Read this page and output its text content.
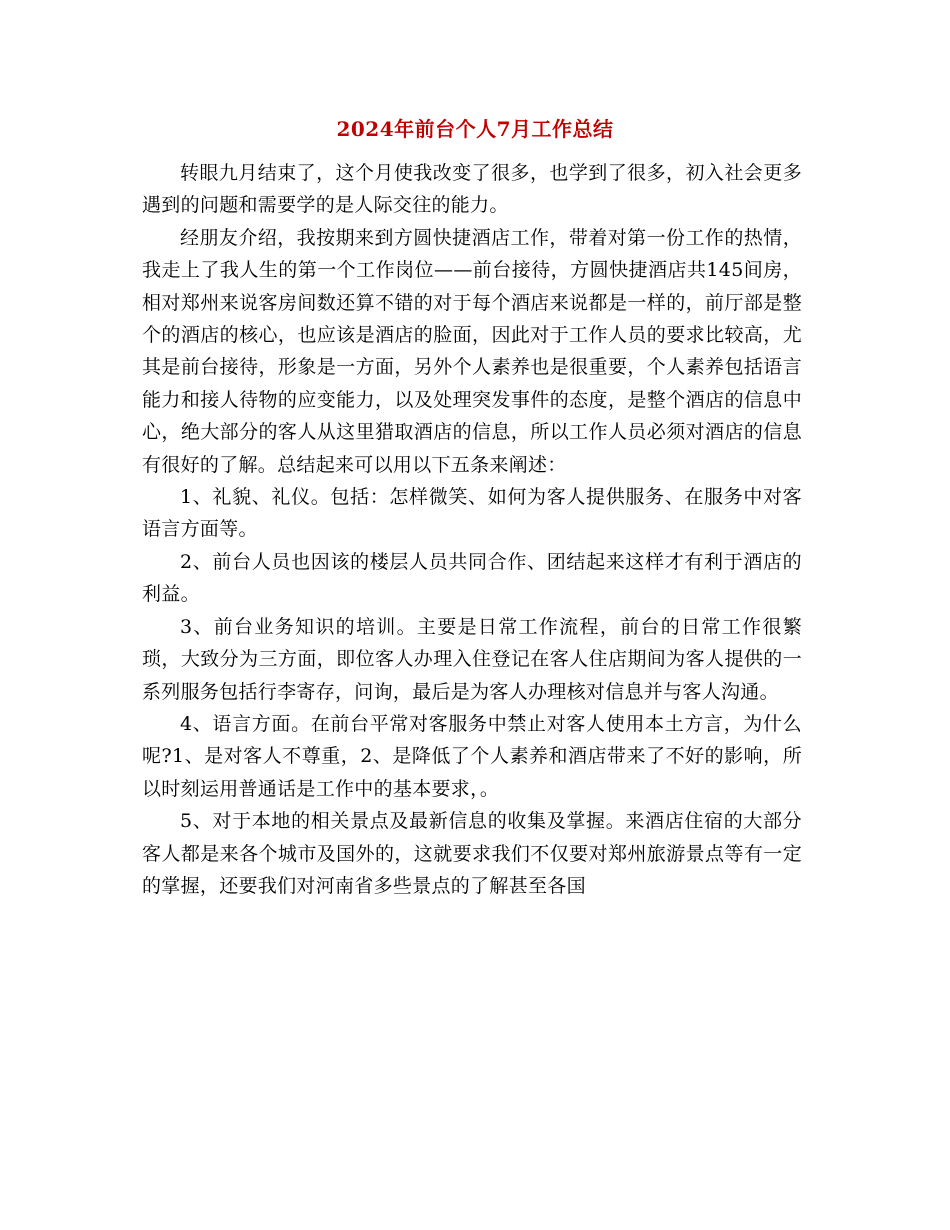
2024年前台个人7月工作总结

转眼九月结束了，这个月使我改变了很多，也学到了很多，初入社会更多遇到的问题和需要学的是人际交往的能力。

经朋友介绍，我按期来到方圆快捷酒店工作，带着对第一份工作的热情，我走上了我人生的第一个工作岗位——前台接待，方圆快捷酒店共145间房，相对郑州来说客房间数还算不错的对于每个酒店来说都是一样的，前厅部是整个的酒店的核心，也应该是酒店的脸面，因此对于工作人员的要求比较高，尤其是前台接待，形象是一方面，另外个人素养也是很重要，个人素养包括语言能力和接人待物的应变能力，以及处理突发事件的态度，是整个酒店的信息中心，绝大部分的客人从这里猎取酒店的信息，所以工作人员必须对酒店的信息有很好的了解。总结起来可以用以下五条来阐述：

1、礼貌、礼仪。包括：怎样微笑、如何为客人提供服务、在服务中对客语言方面等。

2、前台人员也因该的楼层人员共同合作、团结起来这样才有利于酒店的利益。

3、前台业务知识的培训。主要是日常工作流程，前台的日常工作很繁琐，大致分为三方面，即位客人办理入住登记在客人住店期间为客人提供的一系列服务包括行李寄存，问询，最后是为客人办理核对信息并与客人沟通。

4、语言方面。在前台平常对客服务中禁止对客人使用本土方言，为什么呢?1、是对客人不尊重，2、是降低了个人素养和酒店带来了不好的影响，所以时刻运用普通话是工作中的基本要求，。

5、对于本地的相关景点及最新信息的收集及掌握。来酒店住宿的大部分客人都是来各个城市及国外的，这就要求我们不仅要对郑州旅游景点等有一定的掌握，还要我们对河南省多些景点的了解甚至各国
